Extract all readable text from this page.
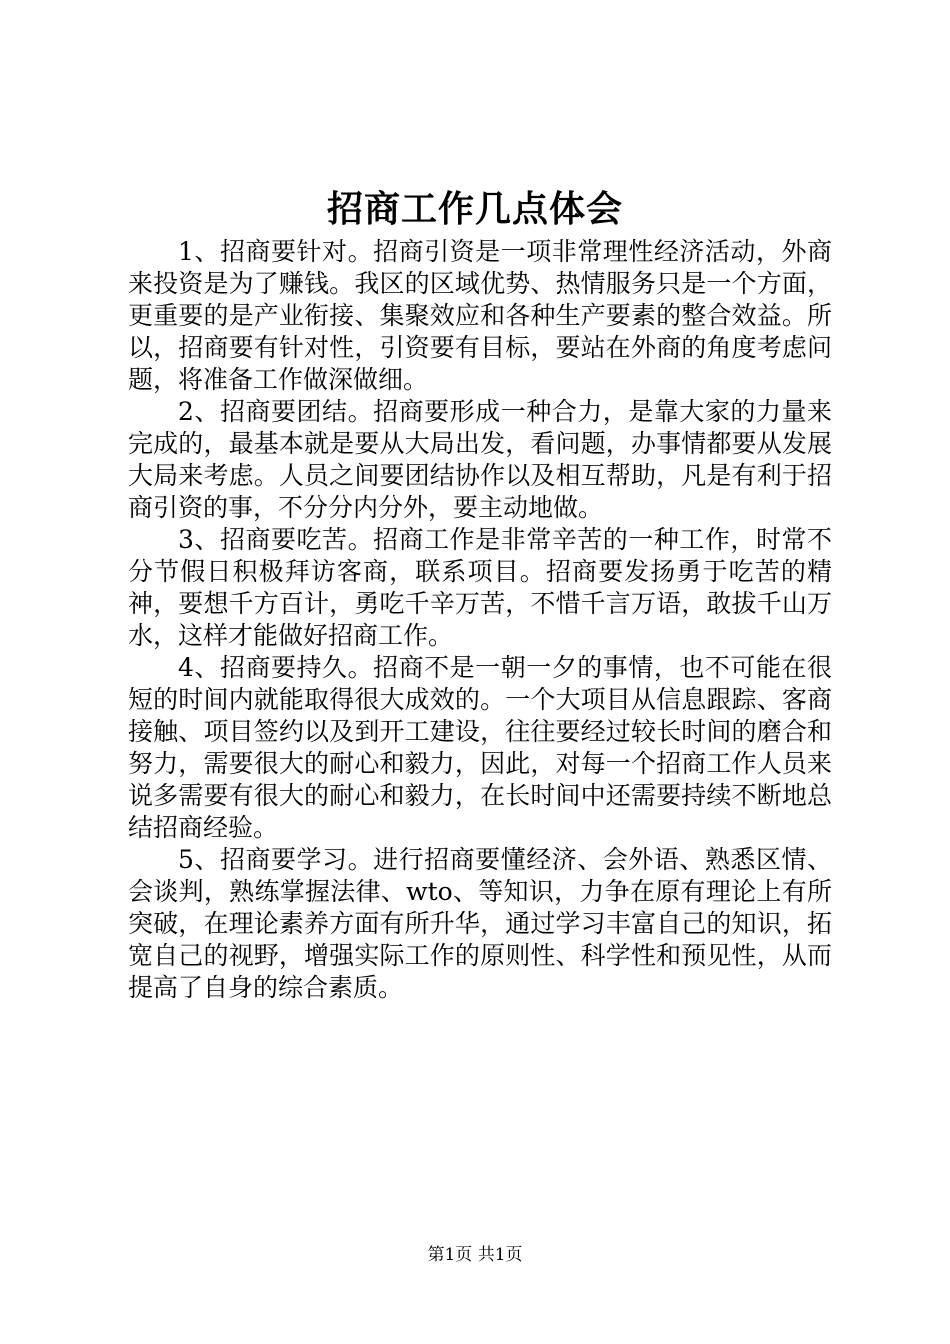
招商工作几点体会

1、招商要针对。招商引资是一项非常理性经济活动，外商来投资是为了赚钱。我区的区域优势、热情服务只是一个方面，更重要的是产业衔接、集聚效应和各种生产要素的整合效益。所以，招商要有针对性，引资要有目标，要站在外商的角度考虑问题，将准备工作做深做细。

2、招商要团结。招商要形成一种合力，是靠大家的力量来完成的，最基本就是要从大局出发，看问题，办事情都要从发展大局来考虑。人员之间要团结协作以及相互帮助，凡是有利于招商引资的事，不分分内分外，要主动地做。

3、招商要吃苦。招商工作是非常辛苦的一种工作，时常不分节假日积极拜访客商，联系项目。招商要发扬勇于吃苦的精神，要想千方百计，勇吃千辛万苦，不惜千言万语，敢拔千山万水，这样才能做好招商工作。

4、招商要持久。招商不是一朝一夕的事情，也不可能在很短的时间内就能取得很大成效的。一个大项目从信息跟踪、客商接触、项目签约以及到开工建设，往往要经过较长时间的磨合和努力，需要很大的耐心和毅力，因此，对每一个招商工作人员来说多需要有很大的耐心和毅力，在长时间中还需要持续不断地总结招商经验。

5、招商要学习。进行招商要懂经济、会外语、熟悉区情、会谈判，熟练掌握法律、wto、等知识，力争在原有理论上有所突破，在理论素养方面有所升华，通过学习丰富自己的知识，拓宽自己的视野，增强实际工作的原则性、科学性和预见性，从而提高了自身的综合素质。

第1页 共1页
